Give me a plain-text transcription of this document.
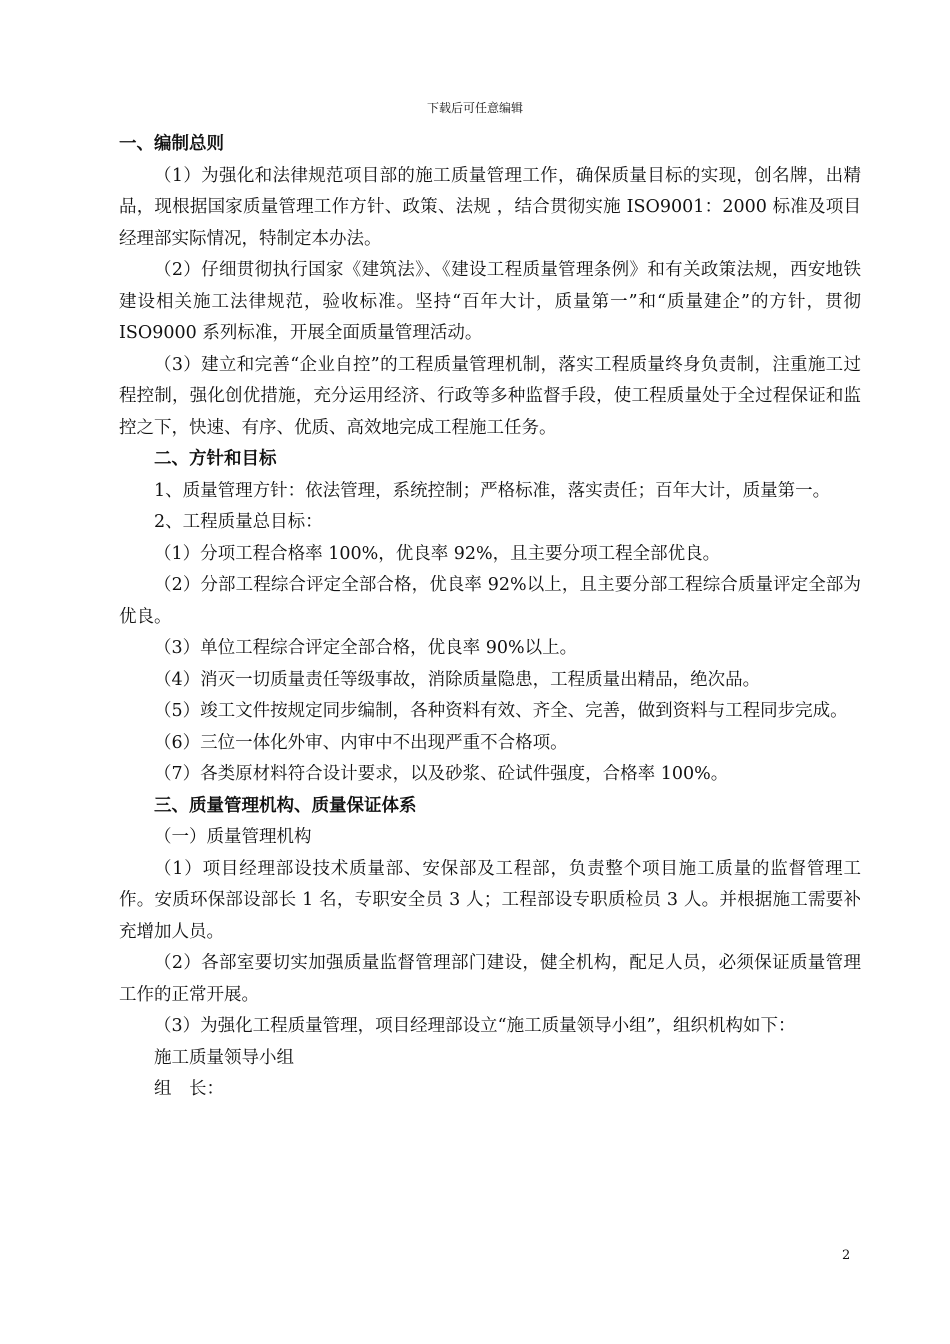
下载后可任意编辑

一、编制总则

（1）为强化和法律规范项目部的施工质量管理工作，确保质量目标的实现，创名牌，出精品，现根据国家质量管理工作方针、政策、法规 ，结合贯彻实施 ISO9001：2000 标准及项目经理部实际情况，特制定本办法。

（2）仔细贯彻执行国家《建筑法》、《建设工程质量管理条例》和有关政策法规，西安地铁建设相关施工法律规范，验收标准。坚持“百年大计，质量第一”和“质量建企”的方针，贯彻 ISO9000 系列标准，开展全面质量管理活动。

（3）建立和完善“企业自控”的工程质量管理机制，落实工程质量终身负责制，注重施工过程控制，强化创优措施，充分运用经济、行政等多种监督手段，使工程质量处于全过程保证和监控之下，快速、有序、优质、高效地完成工程施工任务。

二、方针和目标

1、质量管理方针：依法管理，系统控制；严格标准，落实责任；百年大计，质量第一。

2、工程质量总目标：

（1）分项工程合格率 100%，优良率 92%，且主要分项工程全部优良。

（2）分部工程综合评定全部合格，优良率 92%以上，且主要分部工程综合质量评定全部为优良。

（3）单位工程综合评定全部合格，优良率 90%以上。

（4）消灭一切质量责任等级事故，消除质量隐患，工程质量出精品，绝次品。

（5）竣工文件按规定同步编制，各种资料有效、齐全、完善，做到资料与工程同步完成。

（6）三位一体化外审、内审中不出现严重不合格项。

（7）各类原材料符合设计要求，以及砂浆、砼试件强度，合格率 100%。

三、质量管理机构、质量保证体系

（一）质量管理机构

（1）项目经理部设技术质量部、安保部及工程部，负责整个项目施工质量的监督管理工作。安质环保部设部长 1 名，专职安全员 3 人；工程部设专职质检员 3 人。并根据施工需要补充增加人员。

（2）各部室要切实加强质量监督管理部门建设，健全机构，配足人员，必须保证质量管理工作的正常开展。

（3）为强化工程质量管理，项目经理部设立“施工质量领导小组”，组织机构如下：

施工质量领导小组

组　长：

2
